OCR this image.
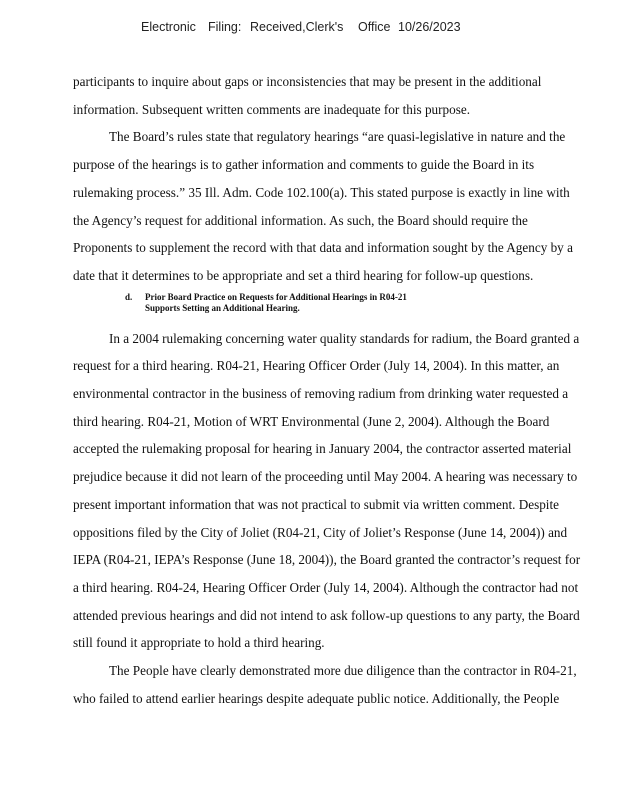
Electronic Filing: Received,Clerk's Office 10/26/2023

participants to inquire about gaps or inconsistencies that may be present in the additional information. Subsequent written comments are inadequate for this purpose.

The Board’s rules state that regulatory hearings “are quasi-legislative in nature and the purpose of the hearings is to gather information and comments to guide the Board in its rulemaking process.” 35 Ill. Adm. Code 102.100(a). This stated purpose is exactly in line with the Agency’s request for additional information. As such, the Board should require the Proponents to supplement the record with that data and information sought by the Agency by a date that it determines to be appropriate and set a third hearing for follow-up questions.

d. Prior Board Practice on Requests for Additional Hearings in R04-21 Supports Setting an Additional Hearing.

In a 2004 rulemaking concerning water quality standards for radium, the Board granted a request for a third hearing. R04-21, Hearing Officer Order (July 14, 2004). In this matter, an environmental contractor in the business of removing radium from drinking water requested a third hearing. R04-21, Motion of WRT Environmental (June 2, 2004). Although the Board accepted the rulemaking proposal for hearing in January 2004, the contractor asserted material prejudice because it did not learn of the proceeding until May 2004. A hearing was necessary to present important information that was not practical to submit via written comment. Despite oppositions filed by the City of Joliet (R04-21, City of Joliet’s Response (June 14, 2004)) and IEPA (R04-21, IEPA’s Response (June 18, 2004)), the Board granted the contractor’s request for a third hearing. R04-24, Hearing Officer Order (July 14, 2004). Although the contractor had not attended previous hearings and did not intend to ask follow-up questions to any party, the Board still found it appropriate to hold a third hearing.

The People have clearly demonstrated more due diligence than the contractor in R04-21, who failed to attend earlier hearings despite adequate public notice. Additionally, the People
